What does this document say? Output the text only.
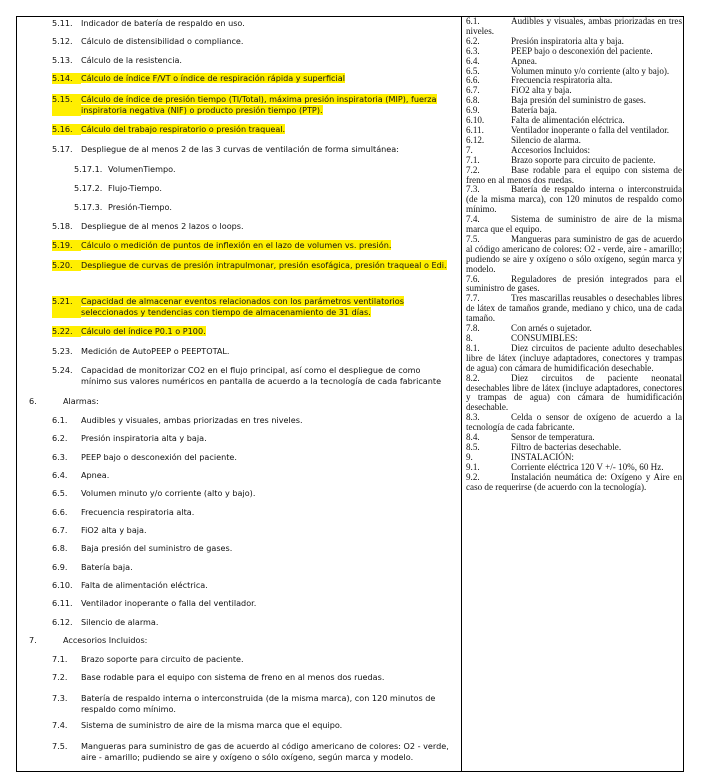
5.11.	Indicador de batería de respaldo en uso.
5.12.	Cálculo de distensibilidad o compliance.
5.13.	Cálculo de la resistencia.
5.14.	Cálculo de índice F/VT o índice de respiración rápida y superficial
5.15.	Cálculo de índice de presión tiempo (TI/Total), máxima presión inspiratoria (MIP), fuerza inspiratoria negativa (NIF) o producto presión tiempo (PTP).
5.16.	Cálculo del trabajo respiratorio o presión traqueal.
5.17.	Despliegue de al menos 2 de las 3 curvas de ventilación de forma simultánea:
5.17.1. VolumenTiempo.
5.17.2. Flujo-Tiempo.
5.17.3. Presión-Tiempo.
5.18.	Despliegue de al menos 2 lazos o loops.
5.19.	Cálculo o medición de puntos de inflexión en el lazo de volumen vs. presión.
5.20.	Despliegue de curvas de presión intrapulmonar, presión esofágica, presión traqueal o Edi.
5.21.	Capacidad de almacenar eventos relacionados con los parámetros ventilatorios seleccionados y tendencias con tiempo de almacenamiento de 31 días.
5.22.	Cálculo del índice P0.1 o P100.
5.23.	Medición de AutoPEEP o PEEPTOTAL.
5.24.	Capacidad de monitorizar CO2 en el flujo principal, así como el despliegue de como mínimo sus valores numéricos en pantalla de acuerdo a la tecnología de cada fabricante
6.	Alarmas:
6.1.	Audibles y visuales, ambas priorizadas en tres niveles.
6.2.	Presión inspiratoria alta y baja.
6.3.	PEEP bajo o desconexión del paciente.
6.4.	Apnea.
6.5.	Volumen minuto y/o corriente (alto y bajo).
6.6.	Frecuencia respiratoria alta.
6.7.	FiO2 alta y baja.
6.8.	Baja presión del suministro de gases.
6.9.	Batería baja.
6.10.	Falta de alimentación eléctrica.
6.11.	Ventilador inoperante o falla del ventilador.
6.12.	Silencio de alarma.
7.	Accesorios Incluidos:
7.1.	Brazo soporte para circuito de paciente.
7.2.	Base rodable para el equipo con sistema de freno en al menos dos ruedas.
7.3.	Batería de respaldo interna o interconstruida (de la misma marca), con 120 minutos de respaldo como mínimo.
7.4.	Sistema de suministro de aire de la misma marca que el equipo.
7.5.	Mangueras para suministro de gas de acuerdo al código americano de colores: O2 - verde, aire - amarillo; pudiendo se aire y oxígeno o sólo oxígeno, según marca y modelo.

6.1.	Audibles y visuales, ambas priorizadas en tres niveles.

6.2.	Presión inspiratoria alta y baja.

6.3.	PEEP bajo o desconexión del paciente.

6.4.	Apnea.

6.5.	Volumen minuto y/o corriente (alto y bajo).

6.6.	Frecuencia respiratoria alta.

6.7.	FiO2 alta y baja.

6.8.	Baja presión del suministro de gases.

6.9.	Batería baja.

6.10.	Falta de alimentación eléctrica.

6.11.	Ventilador inoperante o falla del ventilador.

6.12.	Silencio de alarma.

7.	Accesorios Incluidos:

7.1.	Brazo soporte para circuito de paciente.

7.2.	Base rodable para el equipo con sistema de freno en al menos dos ruedas.

7.3.	Batería de respaldo interna o interconstruida (de la misma marca), con 120 minutos de respaldo como mínimo.

7.4.	Sistema de suministro de aire de la misma marca que el equipo.

7.5.	Mangueras para suministro de gas de acuerdo al código americano de colores: O2 - verde, aire - amarillo; pudiendo se aire y oxígeno o sólo oxígeno, según marca y modelo.

7.6.	Reguladores de presión integrados para el suministro de gases.

7.7.	Tres mascarillas reusables o desechables libres de látex de tamaños grande, mediano y chico, una de cada tamaño.

7.8.	Con arnés o sujetador.

8.	CONSUMIBLES:

8.1.	Diez circuitos de paciente adulto desechables libre de látex (incluye adaptadores, conectores y trampas de agua) con cámara de humidificación desechable.

8.2.	Diez circuitos de paciente neonatal desechables libre de látex (incluye adaptadores, conectores y trampas de agua) con cámara de humidificación desechable.

8.3.	Celda o sensor de oxígeno de acuerdo a la tecnología de cada fabricante.

8.4.	Sensor de temperatura.

8.5.	Filtro de bacterias desechable.

9.	INSTALACIÓN:

9.1.	Corriente eléctrica 120 V +/- 10%, 60 Hz.

9.2.	Instalación neumática de: Oxígeno y Aire en caso de requerirse (de acuerdo con la tecnología).
